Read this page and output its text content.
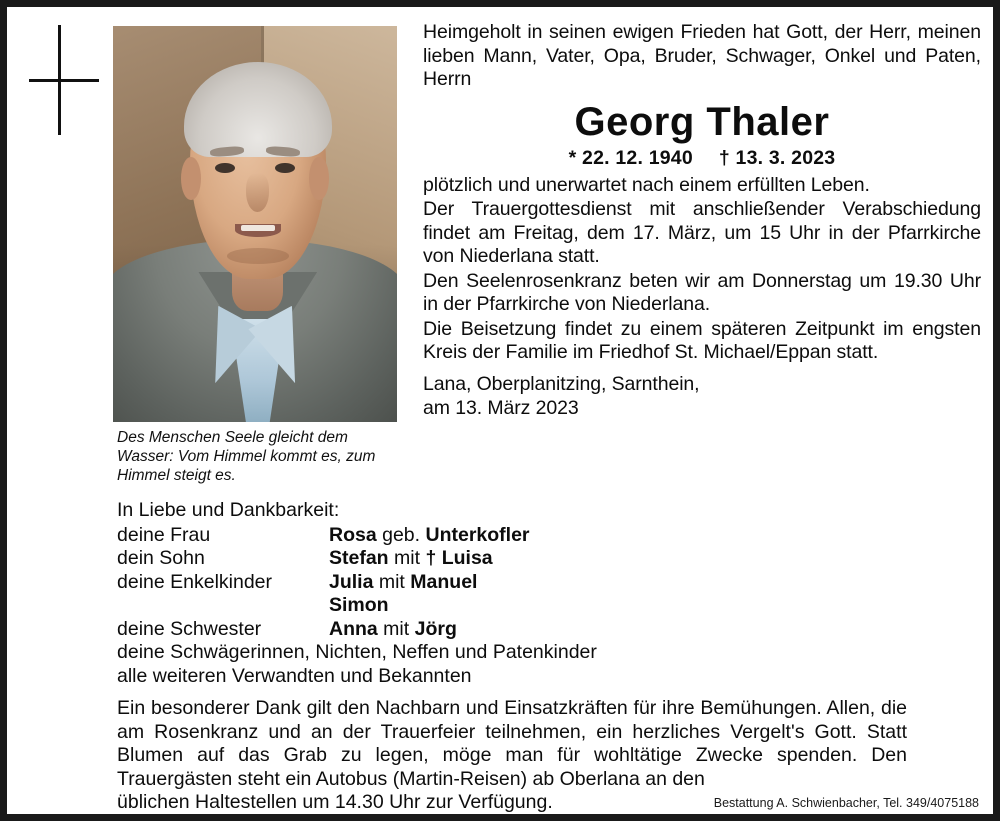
Des Menschen Seele gleicht dem Wasser: Vom Himmel kommt es, zum Himmel steigt es.
Heimgeholt in seinen ewigen Frieden hat Gott, der Herr, meinen lieben Mann, Vater, Opa, Bruder, Schwager, Onkel und Paten, Herrn
Georg Thaler
* 22. 12. 1940 † 13. 3. 2023
plötzlich und unerwartet nach einem erfüllten Leben.
Der Trauergottesdienst mit anschließender Verabschiedung findet am Freitag, dem 17. März, um 15 Uhr in der Pfarrkirche von Niederlana statt.
Den Seelenrosenkranz beten wir am Donnerstag um 19.30 Uhr in der Pfarrkirche von Niederlana.
Die Beisetzung findet zu einem späteren Zeitpunkt im engsten Kreis der Familie im Friedhof St. Michael/Eppan statt.
Lana, Oberplanitzing, Sarnthein,
am 13. März 2023
In Liebe und Dankbarkeit:
deine Frau	Rosa geb. Unterkofler
dein Sohn	Stefan mit † Luisa
deine Enkelkinder	Julia mit Manuel
Simon
deine Schwester	Anna mit Jörg
deine Schwägerinnen, Nichten, Neffen und Patenkinder
alle weiteren Verwandten und Bekannten
Ein besonderer Dank gilt den Nachbarn und Einsatzkräften für ihre Bemühungen. Allen, die am Rosenkranz und an der Trauerfeier teilnehmen, ein herzliches Vergelt's Gott. Statt Blumen auf das Grab zu legen, möge man für wohltätige Zwecke spenden. Den Trauergästen steht ein Autobus (Martin-Reisen) ab Oberlana an den
üblichen Haltestellen um 14.30 Uhr zur Verfügung.	Bestattung A. Schwienbacher, Tel. 349/4075188
